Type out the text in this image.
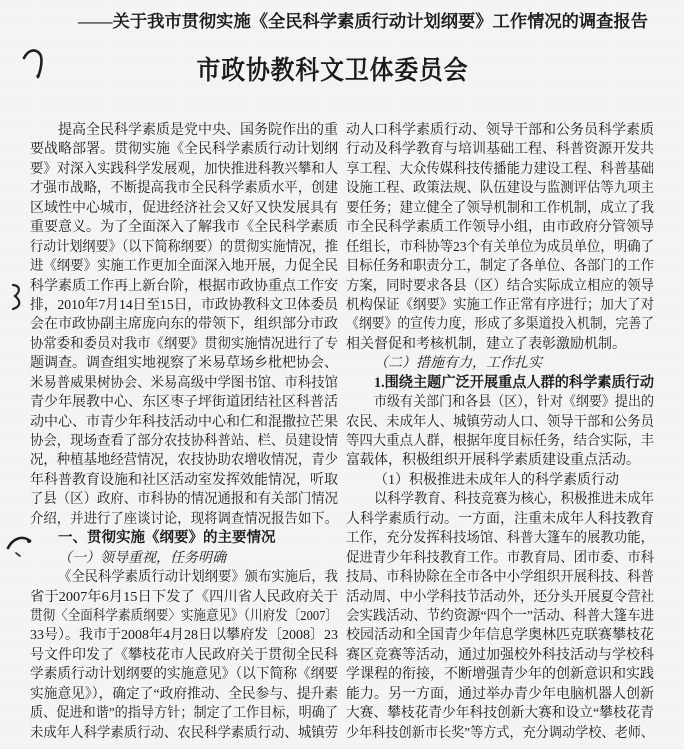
——关于我市贯彻实施《全民科学素质行动计划纲要》工作情况的调查报告
市政协教科文卫体委员会
提高全民科学素质是党中央、国务院作出的重
要战略部署。贯彻实施《全民科学素质行动计划纲
要》对深入实践科学发展观，加快推进科教兴攀和人
才强市战略，不断提高我市全民科学素质水平，创建
区域性中心城市，促进经济社会又好又快发展具有
重要意义。为了全面深入了解我市《全民科学素质
行动计划纲要》（以下简称纲要）的贯彻实施情况，推
进《纲要》实施工作更加全面深入地开展，力促全民
科学素质工作再上新台阶，根据市政协重点工作安
排，2010年7月14日至15日，市政协教科文卫体委员
会在市政协副主席庞向东的带领下，组织部分市政
协常委和委员对我市《纲要》贯彻实施情况进行了专
题调查。调查组实地视察了米易草场乡枇杷协会、
米易普威果树协会、米易高级中学图书馆、市科技馆
青少年展教中心、东区枣子坪街道团结社区科普活
动中心、市青少年科技活动中心和仁和混撒拉芒果
协会，现场查看了部分农技协科普站、栏、员建设情
况，种植基地经营情况，农技协助农增收情况，青少
年科普教育设施和社区活动室发挥效能情况，听取
了县（区）政府、市科协的情况通报和有关部门情况
介绍，并进行了座谈讨论，现将调查情况报告如下。
一、贯彻实施《纲要》的主要情况
（一）领导重视，任务明确
《全民科学素质行动计划纲要》颁布实施后，我
省于2007年6月15日下发了《四川省人民政府关于
贯彻〈全面科学素质纲要〉实施意见》（川府发〔2007〕
33号）。我市于2008年4月28日以攀府发〔2008〕23
号文件印发了《攀枝花市人民政府关于贯彻全民科
学素质行动计划纲要的实施意见》（以下简称《纲要
实施意见》），确定了“政府推动、全民参与、提升素
质、促进和谐”的指导方针；制定了工作目标，明确了
未成年人科学素质行动、农民科学素质行动、城镇劳
动人口科学素质行动、领导干部和公务员科学素质
行动及科学教育与培训基础工程、科普资源开发共
享工程、大众传媒科技传播能力建设工程、科普基础
设施工程、政策法规、队伍建设与监测评估等九项主
要任务；建立健全了领导机制和工作机制，成立了我
市全民科学素质工作领导小组，由市政府分管领导
任组长，市科协等23个有关单位为成员单位，明确了
目标任务和职责分工，制定了各单位、各部门的工作
方案，同时要求各县（区）结合实际成立相应的领导
机构保证《纲要》实施工作正常有序进行；加大了对
《纲要》的宣传力度，形成了多渠道投入机制，完善了
相关督促和考核机制，建立了表彰激励机制。
（二）措施有力，工作扎实
1.围绕主题广泛开展重点人群的科学素质行动
市级有关部门和各县（区），针对《纲要》提出的
农民、未成年人、城镇劳动人口、领导干部和公务员
等四大重点人群，根据年度目标任务，结合实际，丰
富载体，积极组织开展科学素质建设重点活动。
（1）积极推进未成年人的科学素质行动
以科学教育、科技竞赛为核心，积极推进未成年
人科学素质行动。一方面，注重未成年人科技教育
工作，充分发挥科技场馆、科普大篷车的展教功能，
促进青少年科技教育工作。市教育局、团市委、市科
技局、市科协除在全市各中小学组织开展科技、科普
活动周、中小学科技节活动外，还分头开展夏令营社
会实践活动、节约资源“四个一”活动、科普大篷车进
校园活动和全国青少年信息学奥林匹克联赛攀枝花
赛区竞赛等活动，通过加强校外科技活动与学校科
学课程的衔接，不断增强青少年的创新意识和实践
能力。另一方面，通过举办青少年电脑机器人创新
大赛、攀枝花青少年科技创新大赛和设立“攀枝花青
少年科技创新市长奖”等方式，充分调动学校、老师、
